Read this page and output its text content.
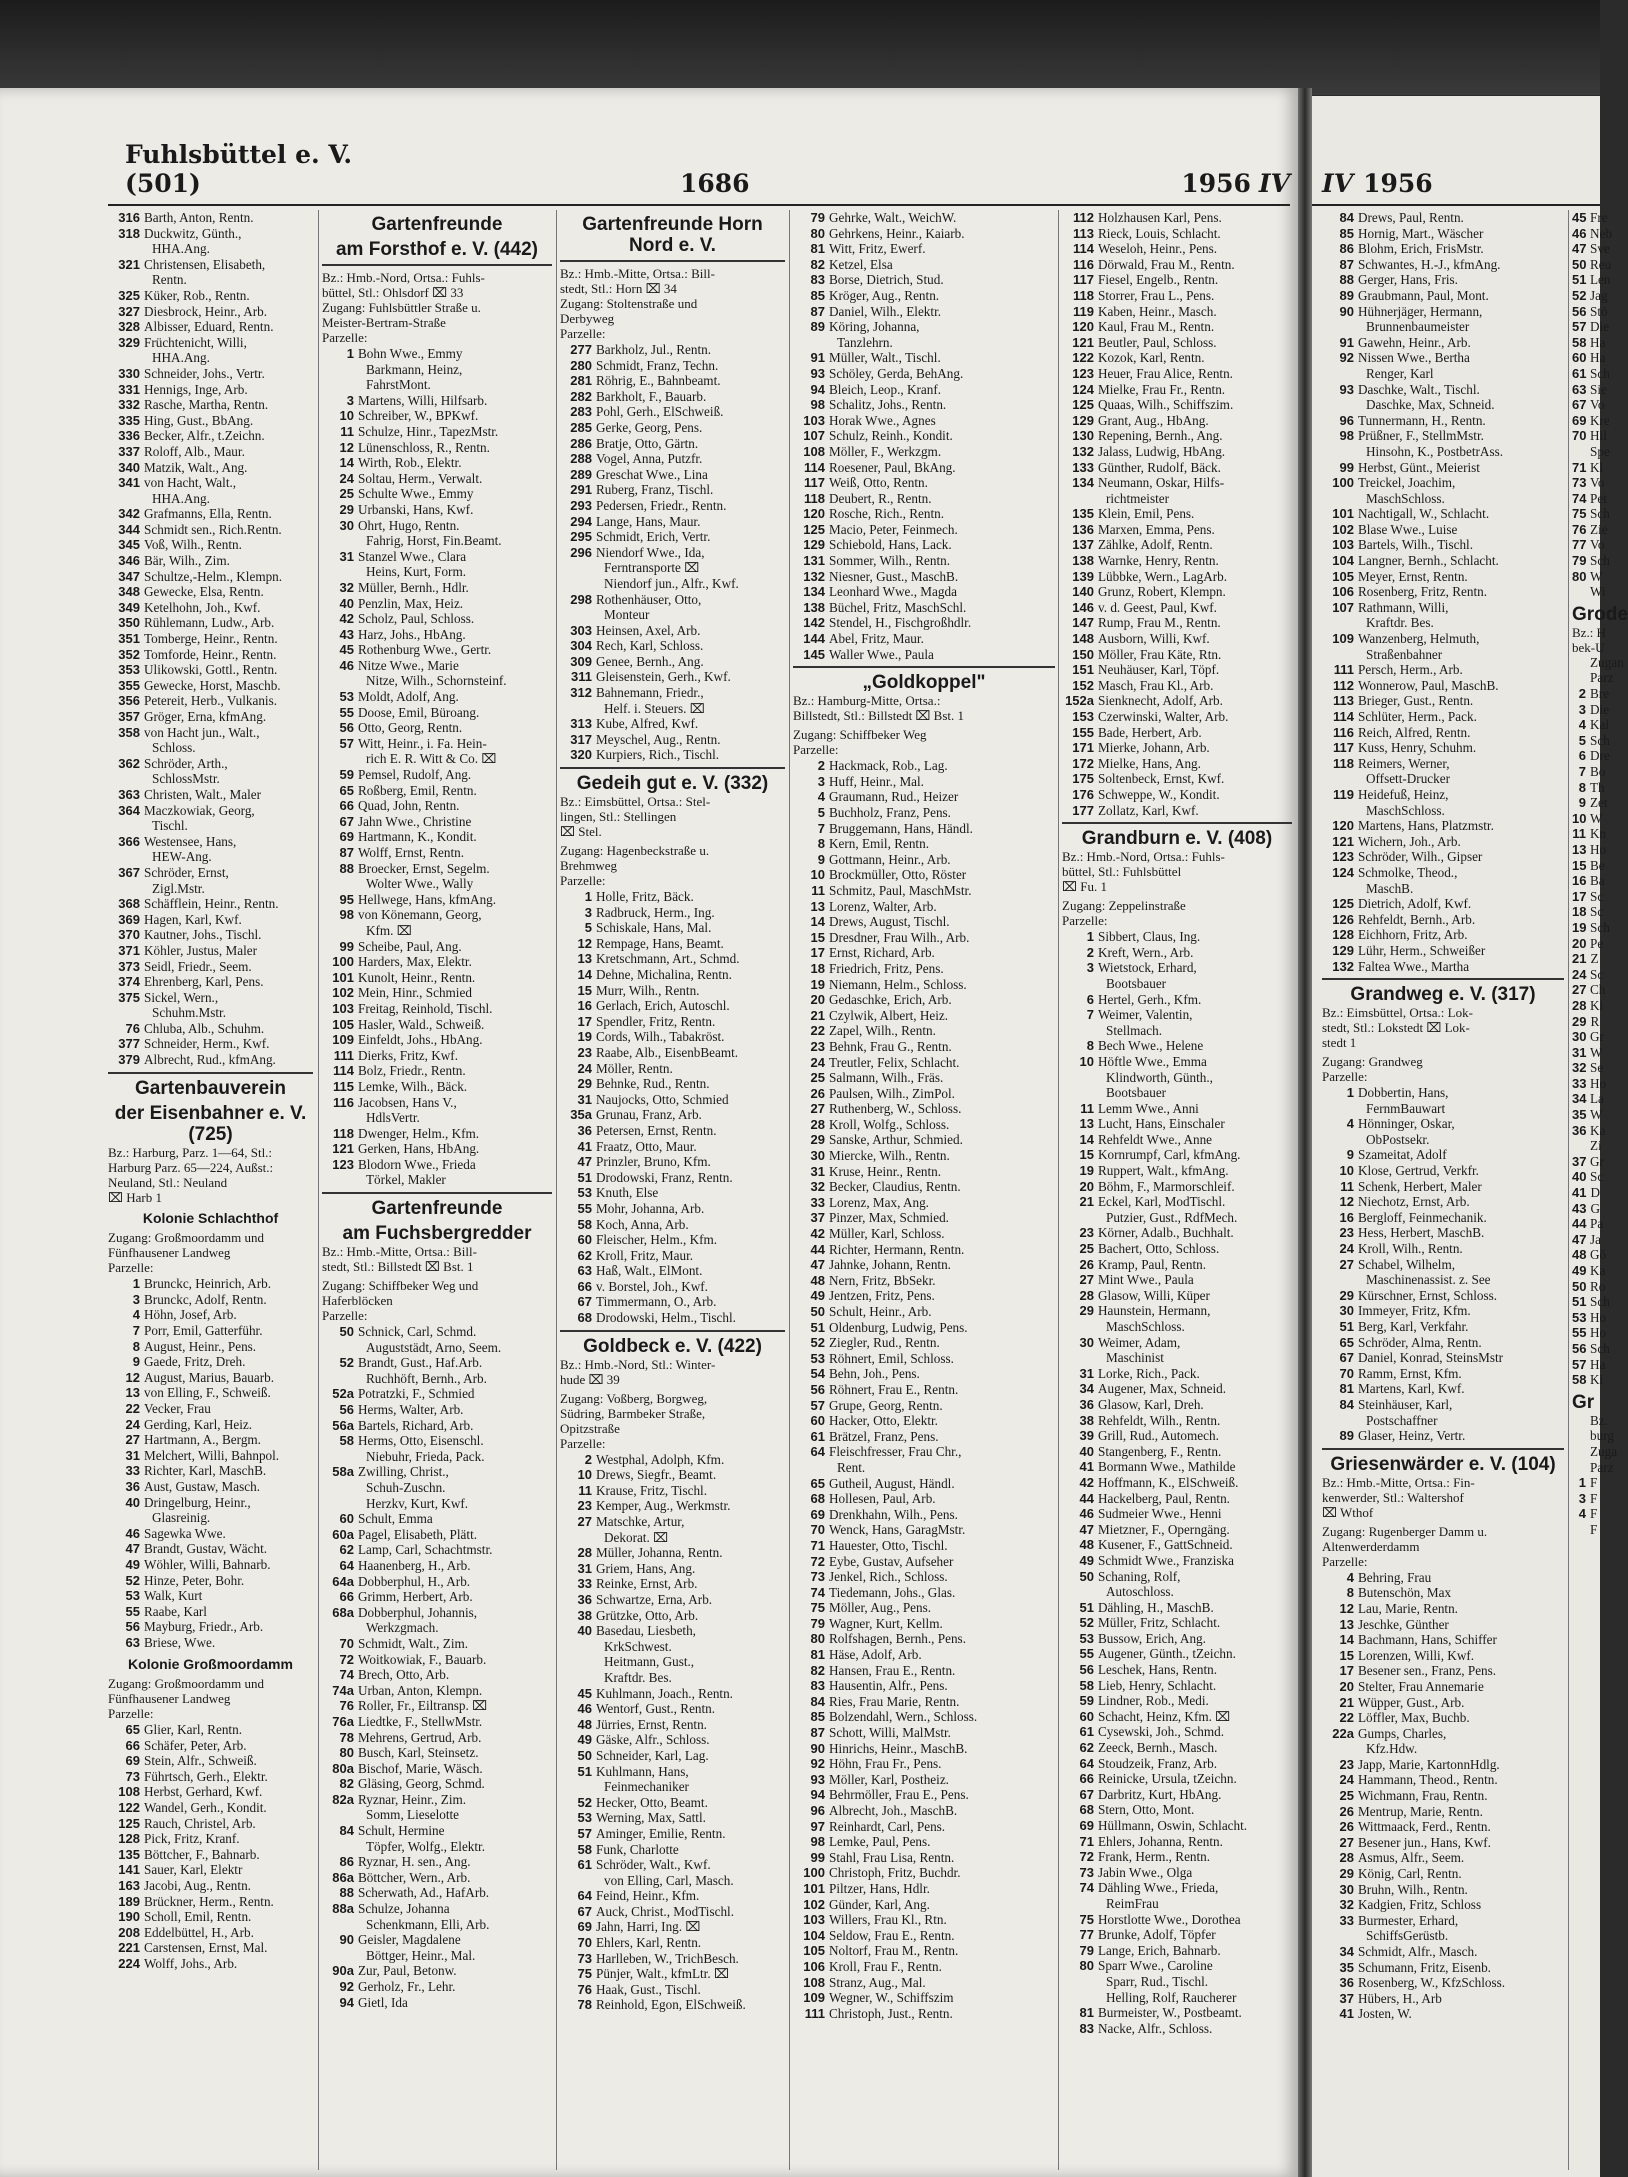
Fuhlsbüttel e. V. (501)	1686	1956 IV IV 1956
316 Barth, Anton, Rentn.
318 Duckwitz, Günth.,
HHA.Ang.
321 Christensen, Elisabeth,
Rentn.
325 Küker, Rob., Rentn.
327 Diesbrock, Heinr., Arb.
328 Albisser, Eduard, Rentn.
329 Früchtenicht, Willi,
HHA.Ang.
330 Schneider, Johs., Vertr.
331 Hennigs, Inge, Arb.
332 Rasche, Martha, Rentn.
335 Hing, Gust., BbAng.
336 Becker, Alfr., t.Zeichn.
337 Roloff, Alb., Maur.
340 Matzik, Walt., Ang.
341 von Hacht, Walt.,
HHA.Ang.
342 Grafmanns, Ella, Rentn.
344 Schmidt sen., Rich.Rentn.
345 Voß, Wilh., Rentn.
346 Bär, Wilh., Zim.
347 Schultze,-Helm., Klempn.
348 Gewecke, Elsa, Rentn.
349 Ketelhohn, Joh., Kwf.
350 Rühlemann, Ludw., Arb.
351 Tomberge, Heinr., Rentn.
352 Tomforde, Heinr., Rentn.
353 Ulikowski, Gottl., Rentn.
355 Gewecke, Horst, Maschb.
356 Petereit, Herb., Vulkanis.
357 Gröger, Erna, kfmAng.
358 von Hacht jun., Walt.,
Schloss.
362 Schröder, Arth.,
SchlossMstr.
363 Christen, Walt., Maler
364 Maczkowiak, Georg,
Tischl.
366 Westensee, Hans,
HEW-Ang.
367 Schröder, Ernst,
Zigl.Mstr.
368 Schäfflein, Heinr., Rentn.
369 Hagen, Karl, Kwf.
370 Kautner, Johs., Tischl.
371 Köhler, Justus, Maler
373 Seidl, Friedr., Seem.
374 Ehrenberg, Karl, Pens.
375 Sickel, Wern.,
Schuhm.Mstr.
76 Chluba, Alb., Schuhm.
377 Schneider, Herm., Kwf.
379 Albrecht, Rud., kfmAng.
Gartenbauverein
der Eisenbahner e. V. (725)
Bz.: Harburg, Parz. 1—64, Stl.:
Harburg Parz. 65—224, Außst.:
Neuland, Stl.: Neuland
⌧ Harb 1
Kolonie Schlachthof
Zugang: Großmoordamm und
Fünfhausener Landweg
Parzelle:
1 Brunckc, Heinrich, Arb.
3 Brunckc, Adolf, Rentn.
4 Höhn, Josef, Arb.
7 Porr, Emil, Gatterführ.
8 August, Heinr., Pens.
9 Gaede, Fritz, Dreh.
12 August, Marius, Bauarb.
13 von Elling, F., Schweiß.
22 Vecker, Frau
24 Gerding, Karl, Heiz.
27 Hartmann, A., Bergm.
31 Melchert, Willi, Bahnpol.
33 Richter, Karl, MaschB.
36 Aust, Gustaw, Masch.
40 Dringelburg, Heinr.,
Glasreinig.
46 Sagewka Wwe.
47 Brandt, Gustav, Wächt.
49 Wöhler, Willi, Bahnarb.
52 Hinze, Peter, Bohr.
53 Walk, Kurt
55 Raabe, Karl
56 Mayburg, Friedr., Arb.
63 Briese, Wwe.
Kolonie Großmoordamm
Zugang: Großmoordamm und
Fünfhausener Landweg
Parzelle:
65 Glier, Karl, Rentn.
66 Schäfer, Peter, Arb.
69 Stein, Alfr., Schweiß.
73 Führtsch, Gerh., Elektr.
108 Herbst, Gerhard, Kwf.
122 Wandel, Gerh., Kondit.
125 Rauch, Christel, Arb.
128 Pick, Fritz, Kranf.
135 Böttcher, F., Bahnarb.
141 Sauer, Karl, Elektr
163 Jacobi, Aug., Rentn.
189 Brückner, Herm., Rentn.
190 Scholl, Emil, Rentn.
208 Eddelbüttel, H., Arb.
221 Carstensen, Ernst, Mal.
224 Wolff, Johs., Arb.
Gartenfreunde
am Forsthof e. V. (442)
Bz.: Hmb.-Nord, Ortsa.: Fuhls-
büttel, Stl.: Ohlsdorf ⌧ 33
Zugang: Fuhlsbüttler Straße u.
Meister-Bertram-Straße
Parzelle:
1 Bohn Wwe., Emmy
Barkmann, Heinz,
FahrstMont.
3 Martens, Willi, Hilfsarb.
10 Schreiber, W., BPKwf.
11 Schulze, Hinr., TapezMstr.
12 Lünenschloss, R., Rentn.
14 Wirth, Rob., Elektr.
24 Soltau, Herm., Verwalt.
25 Schulte Wwe., Emmy
29 Urbanski, Hans, Kwf.
30 Ohrt, Hugo, Rentn.
Fahrig, Horst, Fin.Beamt.
31 Stanzel Wwe., Clara
Heins, Kurt, Form.
32 Müller, Bernh., Hdlr.
40 Penzlin, Max, Heiz.
42 Scholz, Paul, Schloss.
43 Harz, Johs., HbAng.
45 Rothenburg Wwe., Gertr.
46 Nitze Wwe., Marie
Nitze, Wilh., Schornsteinf.
53 Moldt, Adolf, Ang.
55 Doose, Emil, Büroang.
56 Otto, Georg, Rentn.
57 Witt, Heinr., i. Fa. Hein-
rich E. R. Witt & Co. ⌧
59 Pemsel, Rudolf, Ang.
65 Roßberg, Emil, Rentn.
66 Quad, John, Rentn.
67 Jahn Wwe., Christine
69 Hartmann, K., Kondit.
87 Wolff, Ernst, Rentn.
88 Broecker, Ernst, Segelm.
Wolter Wwe., Wally
95 Hellwege, Hans, kfmAng.
98 von Könemann, Georg,
Kfm. ⌧
99 Scheibe, Paul, Ang.
100 Harders, Max, Elektr.
101 Kunolt, Heinr., Rentn.
102 Mein, Hinr., Schmied
103 Freitag, Reinhold, Tischl.
105 Hasler, Wald., Schweiß.
109 Einfeldt, Johs., HbAng.
111 Dierks, Fritz, Kwf.
114 Bolz, Friedr., Rentn.
115 Lemke, Wilh., Bäck.
116 Jacobsen, Hans V.,
HdlsVertr.
118 Dwenger, Helm., Kfm.
121 Gerken, Hans, HbAng.
123 Blodorn Wwe., Frieda
Törkel, Makler
Gartenfreunde
am Fuchsbergredder
Bz.: Hmb.-Mitte, Ortsa.: Bill-
stedt, Stl.: Billstedt ⌧ Bst. 1
Zugang: Schiffbeker Weg und
Haferblöcken
Parzelle:
50 Schnick, Carl, Schmd.
Auguststädt, Arno, Seem.
52 Brandt, Gust., Haf.Arb.
Ruchhöft, Bernh., Arb.
52a Potratzki, F., Schmied
56 Herms, Walter, Arb.
56a Bartels, Richard, Arb.
58 Herms, Otto, Eisenschl.
Niebuhr, Frieda, Pack.
58a Zwilling, Christ.,
Schuh-Zuschn.
Herzkv, Kurt, Kwf.
60 Schult, Emma
60a Pagel, Elisabeth, Plätt.
62 Lamp, Carl, Schachtmstr.
64 Haanenberg, H., Arb.
64a Dobberphul, H., Arb.
66 Grimm, Herbert, Arb.
68a Dobberphul, Johannis,
Werkzgmach.
70 Schmidt, Walt., Zim.
72 Woitkowiak, F., Bauarb.
74 Brech, Otto, Arb.
74a Urban, Anton, Klempn.
76 Roller, Fr., Eiltransp. ⌧
76a Liedtke, F., StellwMstr.
78 Mehrens, Gertrud, Arb.
80 Busch, Karl, Steinsetz.
80a Bischof, Marie, Wäsch.
82 Gläsing, Georg, Schmd.
82a Ryznar, Heinr., Zim.
Somm, Lieselotte
84 Schult, Hermine
Töpfer, Wolfg., Elektr.
86 Ryznar, H. sen., Ang.
86a Böttcher, Wern., Arb.
88 Scherwath, Ad., HafArb.
88a Schulze, Johanna
Schenkmann, Elli, Arb.
90 Geisler, Magdalene
Böttger, Heinr., Mal.
90a Zur, Paul, Betonw.
92 Gerholz, Fr., Lehr.
94 Gietl, Ida
Gartenfreunde Horn Nord e. V.
Bz.: Hmb.-Mitte, Ortsa.: Bill-
stedt, Stl.: Horn ⌧ 34
Zugang: Stoltenstraße und
Derbyweg
Parzelle:
277 Barkholz, Jul., Rentn.
280 Schmidt, Franz, Techn.
281 Röhrig, E., Bahnbeamt.
282 Barkholt, F., Bauarb.
283 Pohl, Gerh., ElSchweiß.
285 Gerke, Georg, Pens.
286 Bratje, Otto, Gärtn.
288 Vogel, Anna, Putzfr.
289 Greschat Wwe., Lina
291 Ruberg, Franz, Tischl.
293 Pedersen, Friedr., Rentn.
294 Lange, Hans, Maur.
295 Schmidt, Erich, Vertr.
296 Niendorf Wwe., Ida,
Ferntransporte ⌧
Niendorf jun., Alfr., Kwf.
298 Rothenhäuser, Otto,
Monteur
303 Heinsen, Axel, Arb.
304 Rech, Karl, Schloss.
309 Genee, Bernh., Ang.
311 Gleisenstein, Gerh., Kwf.
312 Bahnemann, Friedr.,
Helf. i. Steuers. ⌧
313 Kube, Alfred, Kwf.
317 Meyschel, Aug., Rentn.
320 Kurpiers, Rich., Tischl.
Gedeih gut e. V. (332)
Bz.: Eimsbüttel, Ortsa.: Stel-
lingen, Stl.: Stellingen
⌧ Stel.
Zugang: Hagenbeckstraße u.
Brehmweg
Parzelle:
1 Holle, Fritz, Bäck.
3 Radbruck, Herm., Ing.
5 Schiskale, Hans, Mal.
12 Rempage, Hans, Beamt.
13 Kretschmann, Art., Schmd.
14 Dehne, Michalina, Rentn.
15 Murr, Wilh., Rentn.
16 Gerlach, Erich, Autoschl.
17 Spendler, Fritz, Rentn.
19 Cords, Wilh., Tabakröst.
23 Raabe, Alb., EisenbBeamt.
24 Möller, Rentn.
29 Behnke, Rud., Rentn.
31 Naujocks, Otto, Schmied
35a Grunau, Franz, Arb.
36 Petersen, Ernst, Rentn.
41 Fraatz, Otto, Maur.
47 Prinzler, Bruno, Kfm.
51 Drodowski, Franz, Rentn.
53 Knuth, Else
55 Mohr, Johanna, Arb.
58 Koch, Anna, Arb.
60 Fleischer, Helm., Kfm.
62 Kroll, Fritz, Maur.
63 Haß, Walt., ElMont.
66 v. Borstel, Joh., Kwf.
67 Timmermann, O., Arb.
68 Drodowski, Helm., Tischl.
Goldbeck e. V. (422)
Bz.: Hmb.-Nord, Stl.: Winter-
hude ⌧ 39
Zugang: Voßberg, Borgweg,
Südring, Barmbeker Straße,
Opitzstraße
Parzelle:
2 Westphal, Adolph, Kfm.
10 Drews, Siegfr., Beamt.
11 Krause, Fritz, Tischl.
23 Kemper, Aug., Werkmstr.
27 Matschke, Artur,
Dekorat. ⌧
28 Müller, Johanna, Rentn.
31 Griem, Hans, Ang.
33 Reinke, Ernst, Arb.
36 Schwartze, Erna, Arb.
38 Grützke, Otto, Arb.
40 Basedau, Liesbeth,
KrkSchwest.
Heitmann, Gust.,
Kraftdr. Bes.
45 Kuhlmann, Joach., Rentn.
46 Wentorf, Gust., Rentn.
48 Jürries, Ernst, Rentn.
49 Gäske, Alfr., Schloss.
50 Schneider, Karl, Lag.
51 Kuhlmann, Hans,
Feinmechaniker
52 Hecker, Otto, Beamt.
53 Werning, Max, Sattl.
57 Aminger, Emilie, Rentn.
58 Funk, Charlotte
61 Schröder, Walt., Kwf.
von Elling, Carl, Masch.
64 Feind, Heinr., Kfm.
67 Auck, Christ., ModTischl.
69 Jahn, Harri, Ing. ⌧
70 Ehlers, Karl, Rentn.
73 Harlleben, W., TrichBesch.
75 Pünjer, Walt., kfmLtr. ⌧
76 Haak, Gust., Tischl.
78 Reinhold, Egon, ElSchweiß.
79 Gehrke, Walt., WeichW.
80 Gehrkens, Heinr., Kaiarb.
81 Witt, Fritz, Ewerf.
82 Ketzel, Elsa
83 Borse, Dietrich, Stud.
85 Kröger, Aug., Rentn.
87 Daniel, Wilh., Elektr.
89 Köring, Johanna,
Tanzlehrn.
91 Müller, Walt., Tischl.
93 Schöley, Gerda, BehAng.
94 Bleich, Leop., Kranf.
98 Schalitz, Johs., Rentn.
103 Horak Wwe., Agnes
107 Schulz, Reinh., Kondit.
108 Möller, F., Werkzgm.
114 Roesener, Paul, BkAng.
117 Weiß, Otto, Rentn.
118 Deubert, R., Rentn.
120 Rosche, Rich., Rentn.
125 Macio, Peter, Feinmech.
129 Schiebold, Hans, Lack.
131 Sommer, Wilh., Rentn.
132 Niesner, Gust., MaschB.
134 Leonhard Wwe., Magda
138 Büchel, Fritz, MaschSchl.
142 Stendel, H., Fischgroßhdlr.
144 Abel, Fritz, Maur.
145 Waller Wwe., Paula
„Goldkoppel"
Bz.: Hamburg-Mitte, Ortsa.:
Billstedt, Stl.: Billstedt ⌧ Bst. 1
Zugang: Schiffbeker Weg
Parzelle:
2 Hackmack, Rob., Lag.
3 Huff, Heinr., Mal.
4 Graumann, Rud., Heizer
5 Buchholz, Franz, Pens.
7 Bruggemann, Hans, Händl.
8 Kern, Emil, Rentn.
9 Gottmann, Heinr., Arb.
10 Brockmüller, Otto, Röster
11 Schmitz, Paul, MaschMstr.
13 Lorenz, Walter, Arb.
14 Drews, August, Tischl.
15 Dresdner, Frau Wilh., Arb.
17 Ernst, Richard, Arb.
18 Friedrich, Fritz, Pens.
19 Niemann, Helm., Schloss.
20 Gedaschke, Erich, Arb.
21 Czylwik, Albert, Heiz.
22 Zapel, Wilh., Rentn.
23 Behnk, Frau G., Rentn.
24 Treutler, Felix, Schlacht.
25 Salmann, Wilh., Fräs.
26 Paulsen, Wilh., ZimPol.
27 Ruthenberg, W., Schloss.
28 Kroll, Wolfg., Schloss.
29 Sanske, Arthur, Schmied.
30 Miercke, Wilh., Rentn.
31 Kruse, Heinr., Rentn.
32 Becker, Claudius, Rentn.
33 Lorenz, Max, Ang.
37 Pinzer, Max, Schmied.
42 Müller, Karl, Schloss.
44 Richter, Hermann, Rentn.
47 Jahnke, Johann, Rentn.
48 Nern, Fritz, BbSekr.
49 Jentzen, Fritz, Pens.
50 Schult, Heinr., Arb.
51 Oldenburg, Ludwig, Pens.
52 Ziegler, Rud., Rentn.
53 Röhnert, Emil, Schloss.
54 Behn, Joh., Pens.
56 Röhnert, Frau E., Rentn.
57 Grupe, Georg, Rentn.
60 Hacker, Otto, Elektr.
61 Brätzel, Franz, Pens.
64 Fleischfresser, Frau Chr.,
Rent.
65 Gutheil, August, Händl.
68 Hollesen, Paul, Arb.
69 Drenkhahn, Wilh., Pens.
70 Wenck, Hans, GaragMstr.
71 Hauester, Otto, Tischl.
72 Eybe, Gustav, Aufseher
73 Jenkel, Rich., Schloss.
74 Tiedemann, Johs., Glas.
75 Möller, Aug., Pens.
79 Wagner, Kurt, Kellm.
80 Rolfshagen, Bernh., Pens.
81 Häse, Adolf, Arb.
82 Hansen, Frau E., Rentn.
83 Hausentin, Alfr., Pens.
84 Ries, Frau Marie, Rentn.
85 Bolzendahl, Wern., Schloss.
87 Schott, Willi, MalMstr.
90 Hinrichs, Heinr., MaschB.
92 Höhn, Frau Fr., Pens.
93 Möller, Karl, Postheiz.
94 Behrmöller, Frau E., Pens.
96 Albrecht, Joh., MaschB.
97 Reinhardt, Carl, Pens.
98 Lemke, Paul, Pens.
99 Stahl, Frau Lisa, Rentn.
100 Christoph, Fritz, Buchdr.
101 Piltzer, Hans, Hdlr.
102 Günder, Karl, Ang.
103 Willers, Frau Kl., Rtn.
104 Seldow, Frau E., Rentn.
105 Noltorf, Frau M., Rentn.
106 Kroll, Frau F., Rentn.
108 Stranz, Aug., Mal.
109 Wegner, W., Schiffszim
111 Christoph, Just., Rentn.
112 Holzhausen Karl, Pens.
113 Rieck, Louis, Schlacht.
114 Weseloh, Heinr., Pens.
116 Dörwald, Frau M., Rentn.
117 Fiesel, Engelb., Rentn.
118 Storrer, Frau L., Pens.
119 Kaben, Heinr., Masch.
120 Kaul, Frau M., Rentn.
121 Beutler, Paul, Schloss.
122 Kozok, Karl, Rentn.
123 Heuer, Frau Alice, Rentn.
124 Mielke, Frau Fr., Rentn.
125 Quaas, Wilh., Schiffszim.
129 Grant, Aug., HbAng.
130 Repening, Bernh., Ang.
132 Jalass, Ludwig, HbAng.
133 Günther, Rudolf, Bäck.
134 Neumann, Oskar, Hilfs-
richtmeister
135 Klein, Emil, Pens.
136 Marxen, Emma, Pens.
137 Zählke, Adolf, Rentn.
138 Warnke, Henry, Rentn.
139 Lübbke, Wern., LagArb.
140 Grunz, Robert, Klempn.
146 v. d. Geest, Paul, Kwf.
147 Rump, Frau M., Rentn.
148 Ausborn, Willi, Kwf.
150 Möller, Frau Käte, Rtn.
151 Neuhäuser, Karl, Töpf.
152 Masch, Frau Kl., Arb.
152a Sienknecht, Adolf, Arb.
153 Czerwinski, Walter, Arb.
155 Bade, Herbert, Arb.
171 Mierke, Johann, Arb.
172 Mielke, Hans, Ang.
175 Soltenbeck, Ernst, Kwf.
176 Schweppe, W., Kondit.
177 Zollatz, Karl, Kwf.
Grandburn e. V. (408)
Bz.: Hmb.-Nord, Ortsa.: Fuhls-
büttel, Stl.: Fuhlsbüttel
⌧ Fu. 1
Zugang: Zeppelinstraße
Parzelle:
1 Sibbert, Claus, Ing.
2 Kreft, Wern., Arb.
3 Wietstock, Erhard,
Bootsbauer
6 Hertel, Gerh., Kfm.
7 Weimer, Valentin,
Stellmach.
8 Bech Wwe., Helene
10 Höftle Wwe., Emma
Klindworth, Günth.,
Bootsbauer
11 Lemm Wwe., Anni
13 Lucht, Hans, Einschaler
14 Rehfeldt Wwe., Anne
15 Kornrumpf, Carl, kfmAng.
19 Ruppert, Walt., kfmAng.
20 Böhm, F., Marmorschleif.
21 Eckel, Karl, ModTischl.
Putzier, Gust., RdfMech.
23 Körner, Adalb., Buchhalt.
25 Bachert, Otto, Schloss.
26 Kramp, Paul, Rentn.
27 Mint Wwe., Paula
28 Glasow, Willi, Küper
29 Haunstein, Hermann,
MaschSchloss.
30 Weimer, Adam,
Maschinist
31 Lorke, Rich., Pack.
34 Augener, Max, Schneid.
36 Glasow, Karl, Dreh.
38 Rehfeldt, Wilh., Rentn.
39 Grill, Rud., Automech.
40 Stangenberg, F., Rentn.
41 Bormann Wwe., Mathilde
42 Hoffmann, K., ElSchweiß.
44 Hackelberg, Paul, Rentn.
46 Sudmeier Wwe., Henni
47 Mietzner, F., Operngäng.
48 Kusener, F., GattSchneid.
49 Schmidt Wwe., Franziska
50 Schaning, Rolf,
Autoschloss.
51 Dähling, H., MaschB.
52 Müller, Fritz, Schlacht.
53 Bussow, Erich, Ang.
55 Augener, Günth., tZeichn.
56 Leschek, Hans, Rentn.
58 Lieb, Henry, Schlacht.
59 Lindner, Rob., Medi.
60 Schacht, Heinz, Kfm. ⌧
61 Cysewski, Joh., Schmd.
62 Zeeck, Bernh., Masch.
64 Stoudzeik, Franz, Arb.
66 Reinicke, Ursula, tZeichn.
67 Darbritz, Kurt, HbAng.
68 Stern, Otto, Mont.
69 Hüllmann, Oswin, Schlacht.
71 Ehlers, Johanna, Rentn.
72 Frank, Herm., Rentn.
73 Jabin Wwe., Olga
74 Dähling Wwe., Frieda,
ReimFrau
75 Horstlotte Wwe., Dorothea
77 Brunke, Adolf, Töpfer
79 Lange, Erich, Bahnarb.
80 Sparr Wwe., Caroline
Sparr, Rud., Tischl.
Helling, Rolf, Raucherer
81 Burmeister, W., Postbeamt.
83 Nacke, Alfr., Schloss.
84 Drews, Paul, Rentn.
85 Hornig, Mart., Wäscher
86 Blohm, Erich, FrisMstr.
87 Schwantes, H.-J., kfmAng.
88 Gerger, Hans, Fris.
89 Graubmann, Paul, Mont.
90 Hühnerjäger, Hermann,
Brunnenbaumeister
91 Gawehn, Heinr., Arb.
92 Nissen Wwe., Bertha
Renger, Karl
93 Daschke, Walt., Tischl.
Daschke, Max, Schneid.
96 Tunnermann, H., Rentn.
98 Prüßner, F., StellmMstr.
Hinsohn, K., PostbetrAss.
99 Herbst, Günt., Meierist
100 Treickel, Joachim,
MaschSchloss.
101 Nachtigall, W., Schlacht.
102 Blase Wwe., Luise
103 Bartels, Wilh., Tischl.
104 Langner, Bernh., Schlacht.
105 Meyer, Ernst, Rentn.
106 Rosenberg, Fritz, Rentn.
107 Rathmann, Willi,
Kraftdr. Bes.
109 Wanzenberg, Helmuth,
Straßenbahner
111 Persch, Herm., Arb.
112 Wonnerow, Paul, MaschB.
113 Brieger, Gust., Rentn.
114 Schlüter, Herm., Pack.
116 Reich, Alfred, Rentn.
117 Kuss, Henry, Schuhm.
118 Reimers, Werner,
Offsett-Drucker
119 Heidefuß, Heinz,
MaschSchloss.
120 Martens, Hans, Platzmstr.
121 Wichern, Joh., Arb.
123 Schröder, Wilh., Gipser
124 Schmolke, Theod.,
MaschB.
125 Dietrich, Adolf, Kwf.
126 Rehfeldt, Bernh., Arb.
128 Eichhorn, Fritz, Arb.
129 Lühr, Herm., Schweißer
132 Faltea Wwe., Martha
Grandweg e. V. (317)
Bz.: Eimsbüttel, Ortsa.: Lok-
stedt, Stl.: Lokstedt ⌧ Lok-
stedt 1
Zugang: Grandweg
Parzelle:
1 Dobbertin, Hans,
FernmBauwart
4 Hönninger, Oskar,
ObPostsekr.
9 Szameitat, Adolf
10 Klose, Gertrud, Verkfr.
11 Schenk, Herbert, Maler
12 Niechotz, Ernst, Arb.
16 Bergloff, Feinmechanik.
23 Hess, Herbert, MaschB.
24 Kroll, Wilh., Rentn.
27 Schabel, Wilhelm,
Maschinenassist. z. See
29 Kürschner, Ernst, Schloss.
30 Immeyer, Fritz, Kfm.
51 Berg, Karl, Verkfahr.
65 Schröder, Alma, Rentn.
67 Daniel, Konrad, SteinsMstr
70 Ramm, Ernst, Kfm.
81 Martens, Karl, Kwf.
84 Steinhäuser, Karl,
Postschaffner
89 Glaser, Heinz, Vertr.
Griesenwärder e. V. (104)
Bz.: Hmb.-Mitte, Ortsa.: Fin-
kenwerder, Stl.: Waltershof
⌧ Wthof
Zugang: Rugenberger Damm u.
Altenwerderdamm
Parzelle:
4 Behring, Frau
8 Butenschön, Max
12 Lau, Marie, Rentn.
13 Jeschke, Günther
14 Bachmann, Hans, Schiffer
15 Lorenzen, Willi, Kwf.
17 Besener sen., Franz, Pens.
20 Stelter, Frau Annemarie
21 Wüpper, Gust., Arb.
22 Löffler, Max, Buchb.
22a Gumps, Charles,
Kfz.Hdw.
23 Japp, Marie, KartonnHdlg.
24 Hammann, Theod., Rentn.
25 Wichmann, Frau, Rentn.
26 Mentrup, Marie, Rentn.
26 Wittmaack, Ferd., Rentn.
27 Besener jun., Hans, Kwf.
28 Asmus, Alfr., Seem.
29 König, Carl, Rentn.
30 Bruhn, Wilh., Rentn.
32 Kadgien, Fritz, Schloss
33 Burmester, Erhard,
SchiffsGerüstb.
34 Schmidt, Alfr., Masch.
35 Schumann, Fritz, Eisenb.
36 Rosenberg, W., KfzSchloss.
37 Hübers, H., Arb
41 Josten, W.
45 Fre
46 Neb
47 Sve
50 Reu
51 Len
52 Jag
56 Stö
57 Die
58 Ha
60 Ha
61 Sch
63 Sie
67 Vo
69 Kre
70 Hil
Spe
71 Kl
73 Vo
74 Pet
75 Sch
76 Zie
77 Vo
79 Sch
80 W
Wi
Grode
Bz.: H
bek-U
Zugan
Parz
2 Bre
3 Die
4 Kal
5 Sch
6 Dre
7 Bo
8 Th
9 Zet
10 W
11 Kn
13 Ho
15 Be
16 Ba
17 Sc
18 Sc
19 Sch
20 Pe
21 Z
24 Sc
27 Ch
28 Ki
29 R
30 Gr
31 W
32 Se
33 Ho
34 La
35 W
36 Ka
Zi
37 Gr
40 Sc
41 D
43 G
44 Pa
47 Ja
48 Gö
49 Ka
50 Ro
51 Sch
53 Ho
55 Ho
56 Sch
57 Ha
58 Ki
Gr
Bz.
burg
Zuga
Parz
1 F
3 F
4 F
F
